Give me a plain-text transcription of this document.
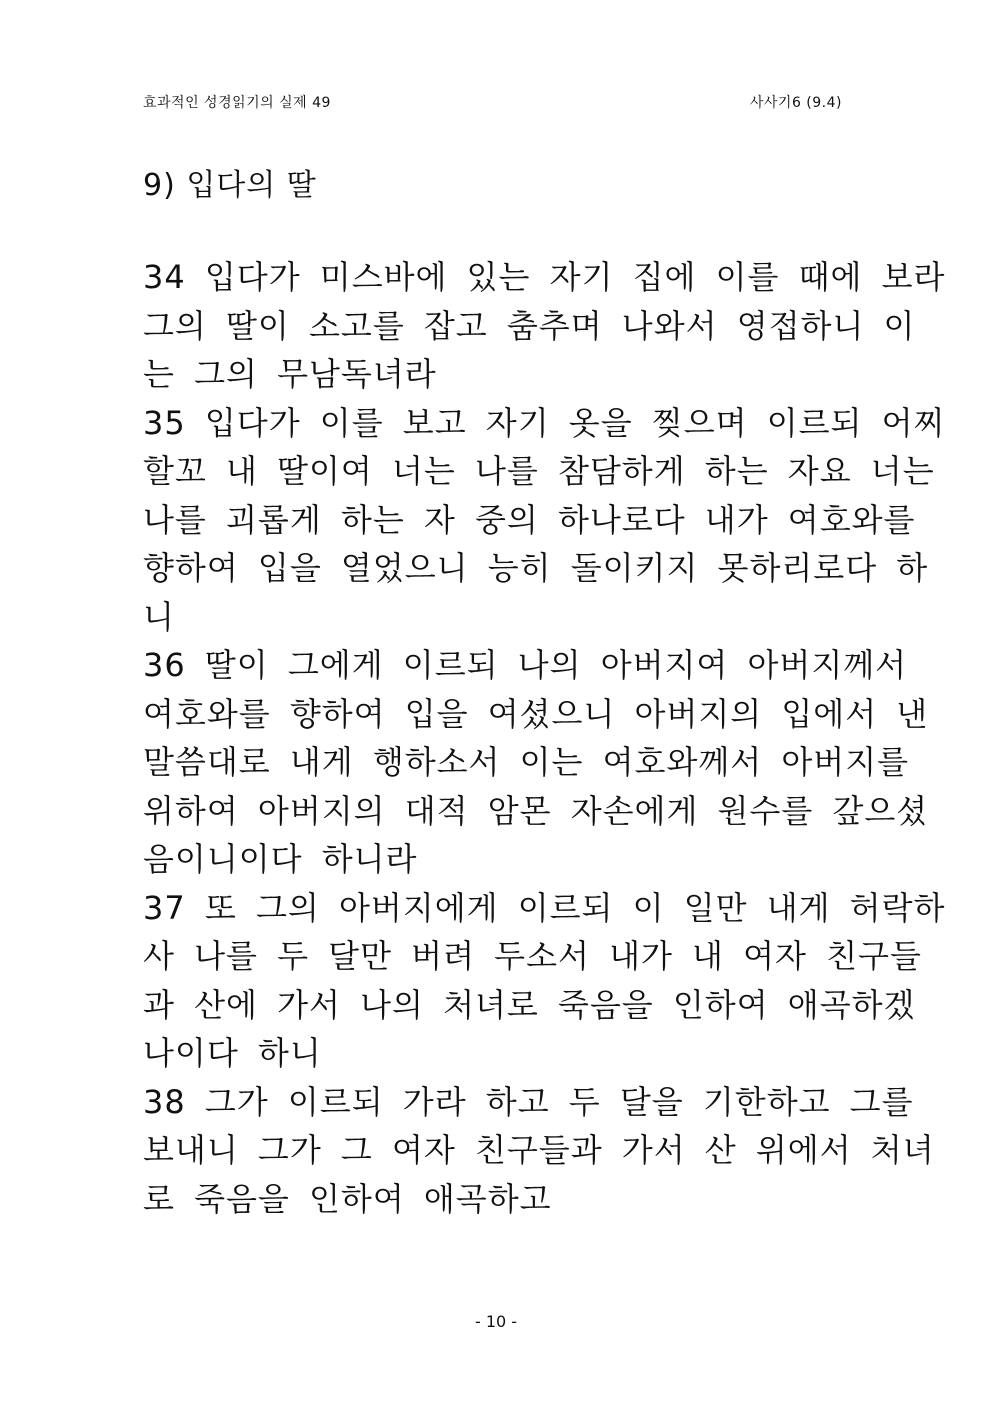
효과적인 성경읽기의 실제 49	사사기6 (9.4)
9) 입다의 딸
34 입다가 미스바에 있는 자기 집에 이를 때에 보라
그의 딸이 소고를 잡고 춤추며 나와서 영접하니 이
는 그의 무남독녀라
35 입다가 이를 보고 자기 옷을 찢으며 이르되 어찌
할꼬 내 딸이여 너는 나를 참담하게 하는 자요 너는
나를 괴롭게 하는 자 중의 하나로다 내가 여호와를
향하여 입을 열었으니 능히 돌이키지 못하리로다 하
니
36 딸이 그에게 이르되 나의 아버지여 아버지께서
여호와를 향하여 입을 여셨으니 아버지의 입에서 낸
말씀대로 내게 행하소서 이는 여호와께서 아버지를
위하여 아버지의 대적 암몬 자손에게 원수를 갚으셨
음이니이다 하니라
37 또 그의 아버지에게 이르되 이 일만 내게 허락하
사 나를 두 달만 버려 두소서 내가 내 여자 친구들
과 산에 가서 나의 처녀로 죽음을 인하여 애곡하겠
나이다 하니
38 그가 이르되 가라 하고 두 달을 기한하고 그를
보내니 그가 그 여자 친구들과 가서 산 위에서 처녀
로 죽음을 인하여 애곡하고
- 10 -
